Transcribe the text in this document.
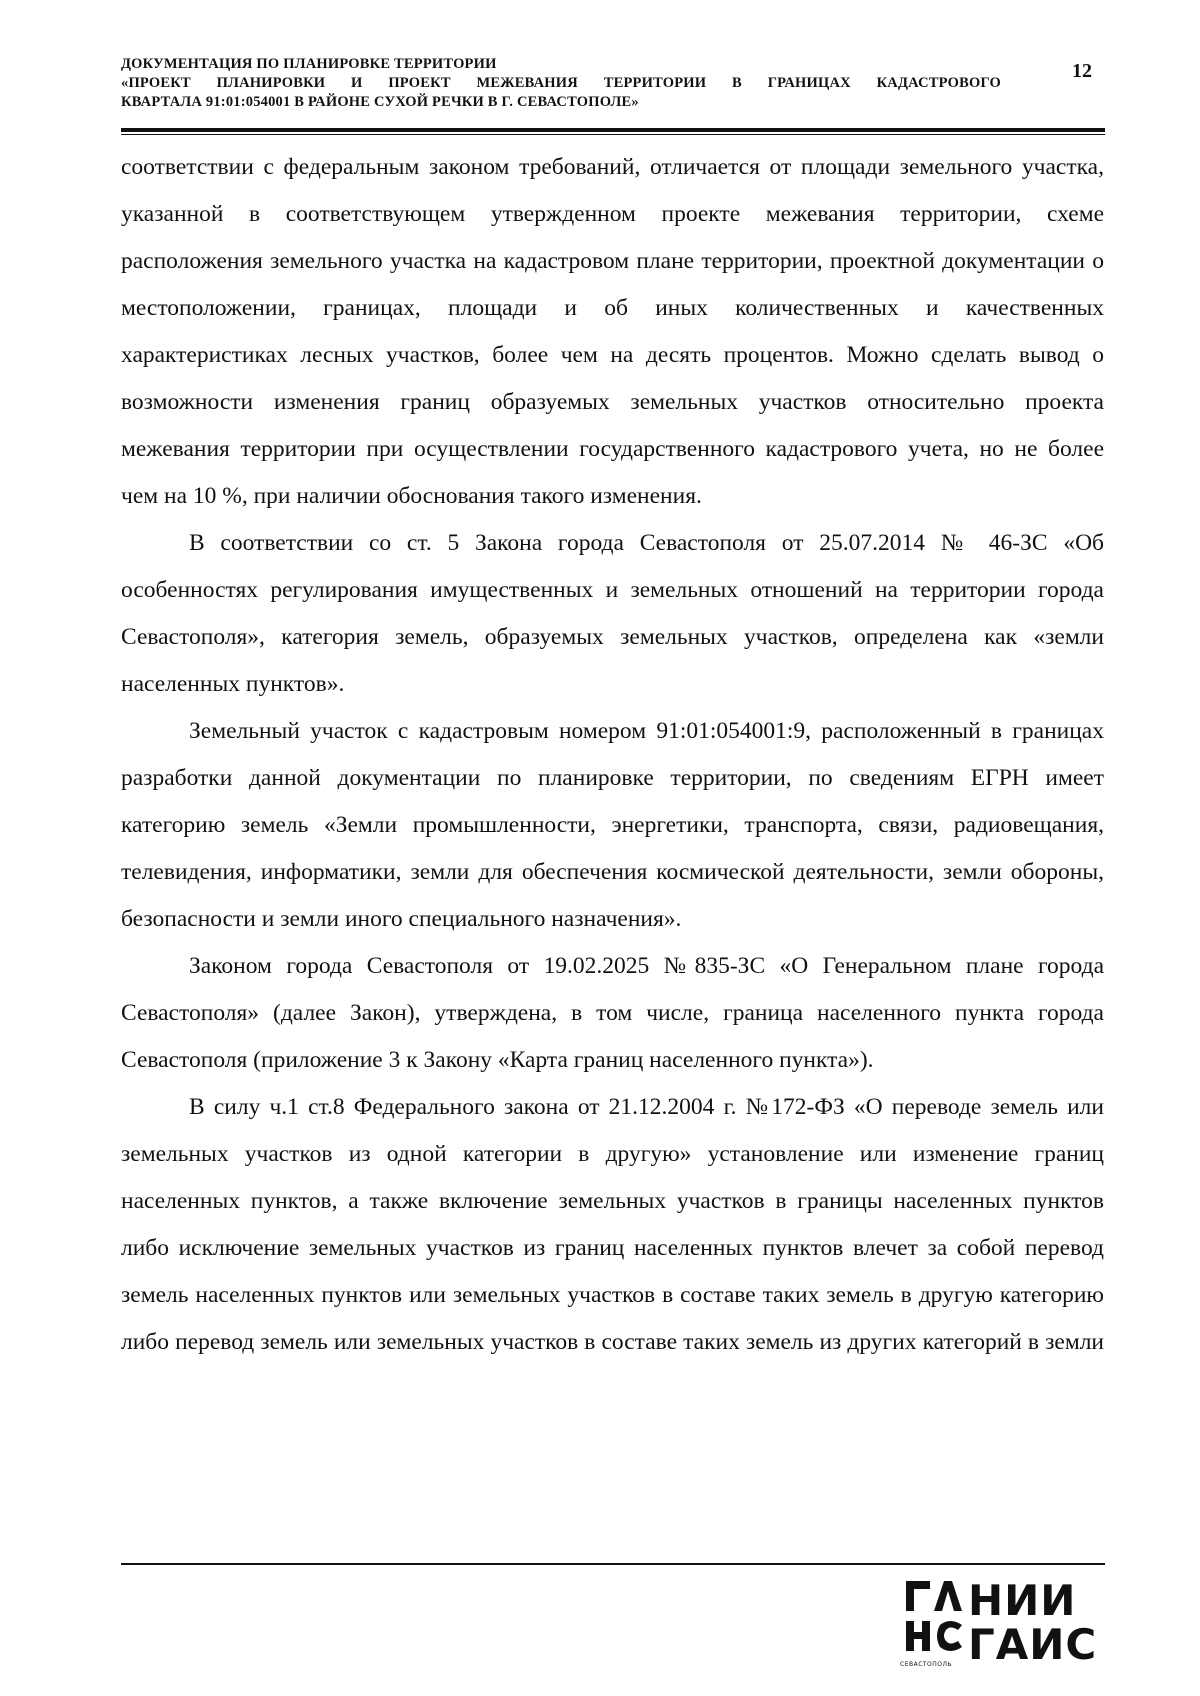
ДОКУМЕНТАЦИЯ ПО ПЛАНИРОВКЕ ТЕРРИТОРИИ
«ПРОЕКТ ПЛАНИРОВКИ И ПРОЕКТ МЕЖЕВАНИЯ ТЕРРИТОРИИ В ГРАНИЦАХ КАДАСТРОВОГО
КВАРТАЛА 91:01:054001 В РАЙОНЕ СУХОЙ РЕЧКИ В Г. СЕВАСТОПОЛЕ»
12

соответствии с федеральным законом требований, отличается от площади земельного участка, указанной в соответствующем утвержденном проекте межевания территории, схеме расположения земельного участка на кадастровом плане территории, проектной документации о местоположении, границах, площади и об иных количественных и качественных характеристиках лесных участков, более чем на десять процентов. Можно сделать вывод о возможности изменения границ образуемых земельных участков относительно проекта межевания территории при осуществлении государственного кадастрового учета, но не более чем на 10 %, при наличии обоснования такого изменения.

В соответствии со ст. 5 Закона города Севастополя от 25.07.2014 № 46-ЗС «Об особенностях регулирования имущественных и земельных отношений на территории города Севастополя», категория земель, образуемых земельных участков, определена как «земли населенных пунктов».

Земельный участок с кадастровым номером 91:01:054001:9, расположенный в границах разработки данной документации по планировке территории, по сведениям ЕГРН имеет категорию земель «Земли промышленности, энергетики, транспорта, связи, радиовещания, телевидения, информатики, земли для обеспечения космической деятельности, земли обороны, безопасности и земли иного специального назначения».

Законом города Севастополя от 19.02.2025 №835-ЗС «О Генеральном плане города Севастополя» (далее Закон), утверждена, в том числе, граница населенного пункта города Севастополя (приложение 3 к Закону «Карта границ населенного пункта»).

В силу ч.1 ст.8 Федерального закона от 21.12.2004 г. №172-ФЗ «О переводе земель или земельных участков из одной категории в другую» установление или изменение границ населенных пунктов, а также включение земельных участков в границы населенных пунктов либо исключение земельных участков из границ населенных пунктов влечет за собой перевод земель населенных пунктов или земельных участков в составе таких земель в другую категорию либо перевод земель или земельных участков в составе таких земель из других категорий в земли

НИИ
ГАИС
СЕВАСТОПОЛЬ
